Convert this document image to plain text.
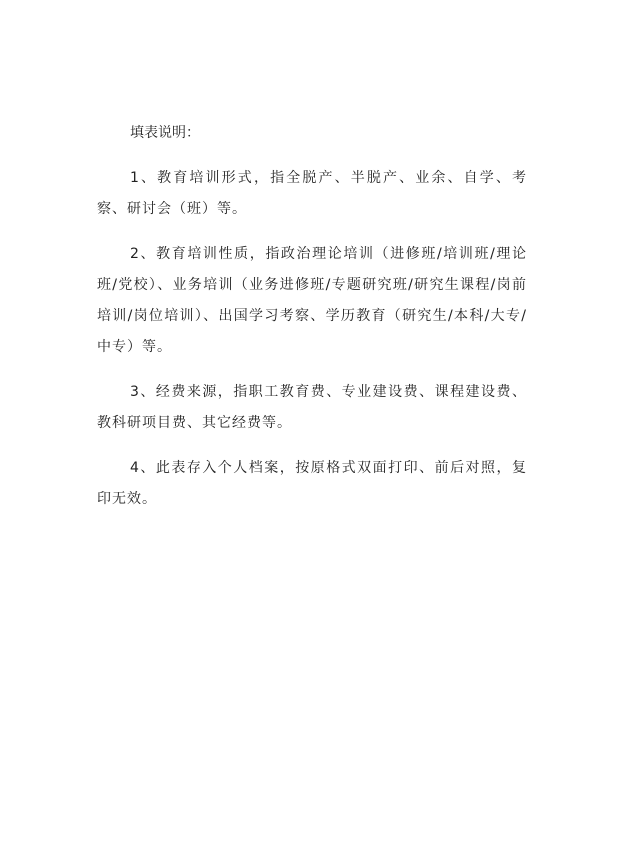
填表说明：

1、教育培训形式，指全脱产、半脱产、业余、自学、考察、研讨会（班）等。

2、教育培训性质，指政治理论培训（进修班/培训班/理论班/党校）、业务培训（业务进修班/专题研究班/研究生课程/岗前培训/岗位培训）、出国学习考察、学历教育（研究生/本科/大专/中专）等。

3、经费来源，指职工教育费、专业建设费、课程建设费、教科研项目费、其它经费等。

4、此表存入个人档案，按原格式双面打印、前后对照，复印无效。
